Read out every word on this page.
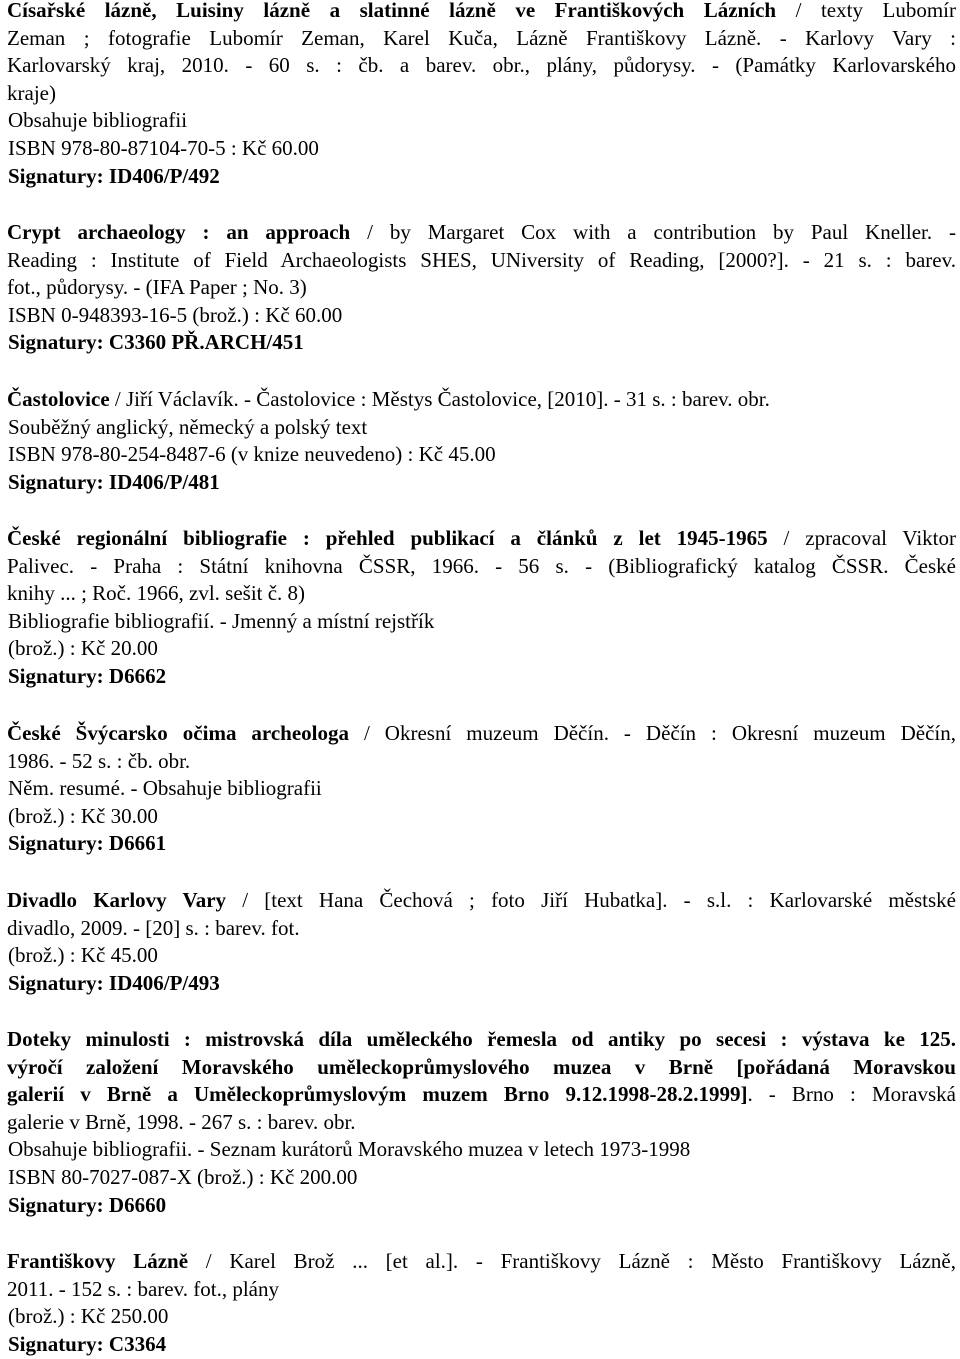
Císařské lázně, Luisiny lázně a slatinné lázně ve Františkových Lázních / texty Lubomír
Zeman ; fotografie Lubomír Zeman, Karel Kuča, Lázně Františkovy Lázně. - Karlovy Vary :
Karlovarský kraj, 2010. - 60 s. : čb. a barev. obr., plány, půdorysy. - (Památky Karlovarského
kraje)
Obsahuje bibliografii
ISBN 978-80-87104-70-5 : Kč 60.00
Signatury: ID406/P/492
Crypt archaeology : an approach / by Margaret Cox with a contribution by Paul Kneller. -
Reading : Institute of Field Archaeologists SHES, UNiversity of Reading, [2000?]. - 21 s. : barev.
fot., půdorysy. - (IFA Paper ; No. 3)
ISBN 0-948393-16-5 (brož.) : Kč 60.00
Signatury: C3360 PŘ.ARCH/451
Častolovice / Jiří Václavík. - Častolovice : Městys Častolovice, [2010]. - 31 s. : barev. obr.
Souběžný anglický, německý a polský text
ISBN 978-80-254-8487-6 (v knize neuvedeno) : Kč 45.00
Signatury: ID406/P/481
České regionální bibliografie : přehled publikací a článků z let 1945-1965 / zpracoval Viktor
Palivec. - Praha : Státní knihovna ČSSR, 1966. - 56 s. - (Bibliografický katalog ČSSR. České
knihy ... ; Roč. 1966, zvl. sešit č. 8)
Bibliografie bibliografií. - Jmenný a místní rejstřík
(brož.) : Kč 20.00
Signatury: D6662
České Švýcarsko očima archeologa / Okresní muzeum Děčín. - Děčín : Okresní muzeum Děčín,
1986. - 52 s. : čb. obr.
Něm. resumé. - Obsahuje bibliografii
(brož.) : Kč 30.00
Signatury: D6661
Divadlo Karlovy Vary / [text Hana Čechová ; foto Jiří Hubatka]. - s.l. : Karlovarské městské
divadlo, 2009. - [20] s. : barev. fot.
(brož.) : Kč 45.00
Signatury: ID406/P/493
Doteky minulosti : mistrovská díla uměleckého řemesla od antiky po secesi : výstava ke 125.
výročí založení Moravského uměleckoprůmyslového muzea v Brně [pořádaná Moravskou
galerií v Brně a Uměleckoprůmyslovým muzem Brno 9.12.1998-28.2.1999]. - Brno : Moravská
galerie v Brně, 1998. - 267 s. : barev. obr.
Obsahuje bibliografii. - Seznam kurátorů Moravského muzea v letech 1973-1998
ISBN 80-7027-087-X (brož.) : Kč 200.00
Signatury: D6660
Františkovy Lázně / Karel Brož ... [et al.]. - Františkovy Lázně : Město Františkovy Lázně,
2011. - 152 s. : barev. fot., plány
(brož.) : Kč 250.00
Signatury: C3364
